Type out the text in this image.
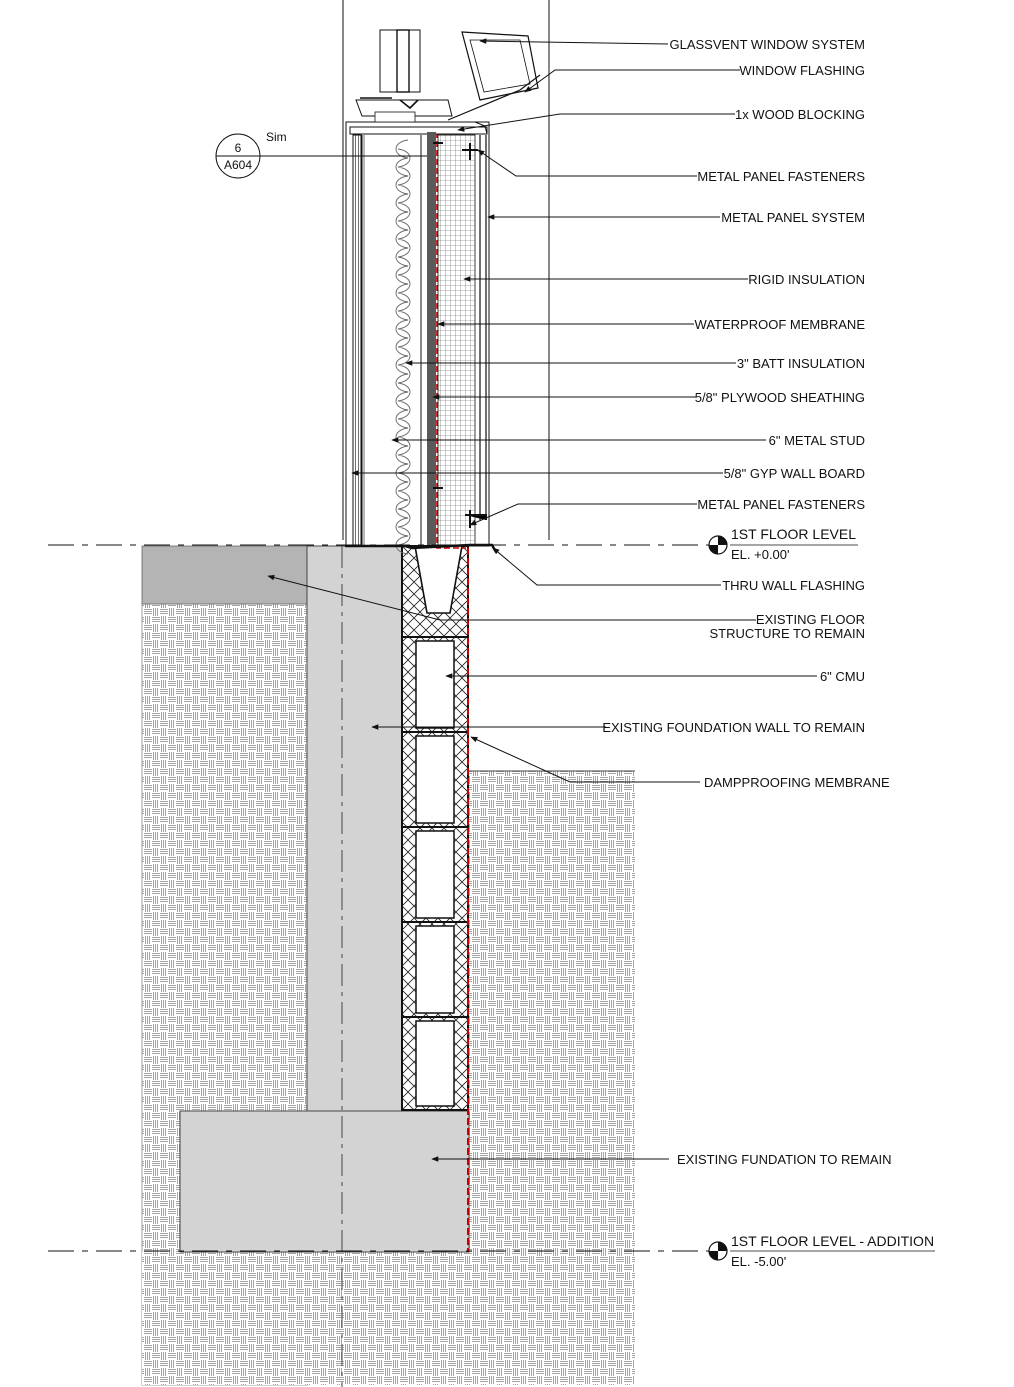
1ST FLOOR LEVEL
EL. +0.00'
1ST FLOOR LEVEL - ADDITION
EL. -5.00'
6
A604
Sim
GLASSVENT WINDOW SYSTEM
WINDOW FLASHING
1x WOOD BLOCKING
METAL PANEL FASTENERS
METAL PANEL SYSTEM
RIGID INSULATION
WATERPROOF MEMBRANE
3" BATT INSULATION
5/8" PLYWOOD SHEATHING
6" METAL STUD
5/8" GYP WALL BOARD
METAL PANEL FASTENERS
THRU WALL FLASHING
EXISTING FLOOR
STRUCTURE TO REMAIN
6" CMU
EXISTING FOUNDATION WALL TO REMAIN
DAMPPROOFING MEMBRANE
EXISTING FUNDATION TO REMAIN
